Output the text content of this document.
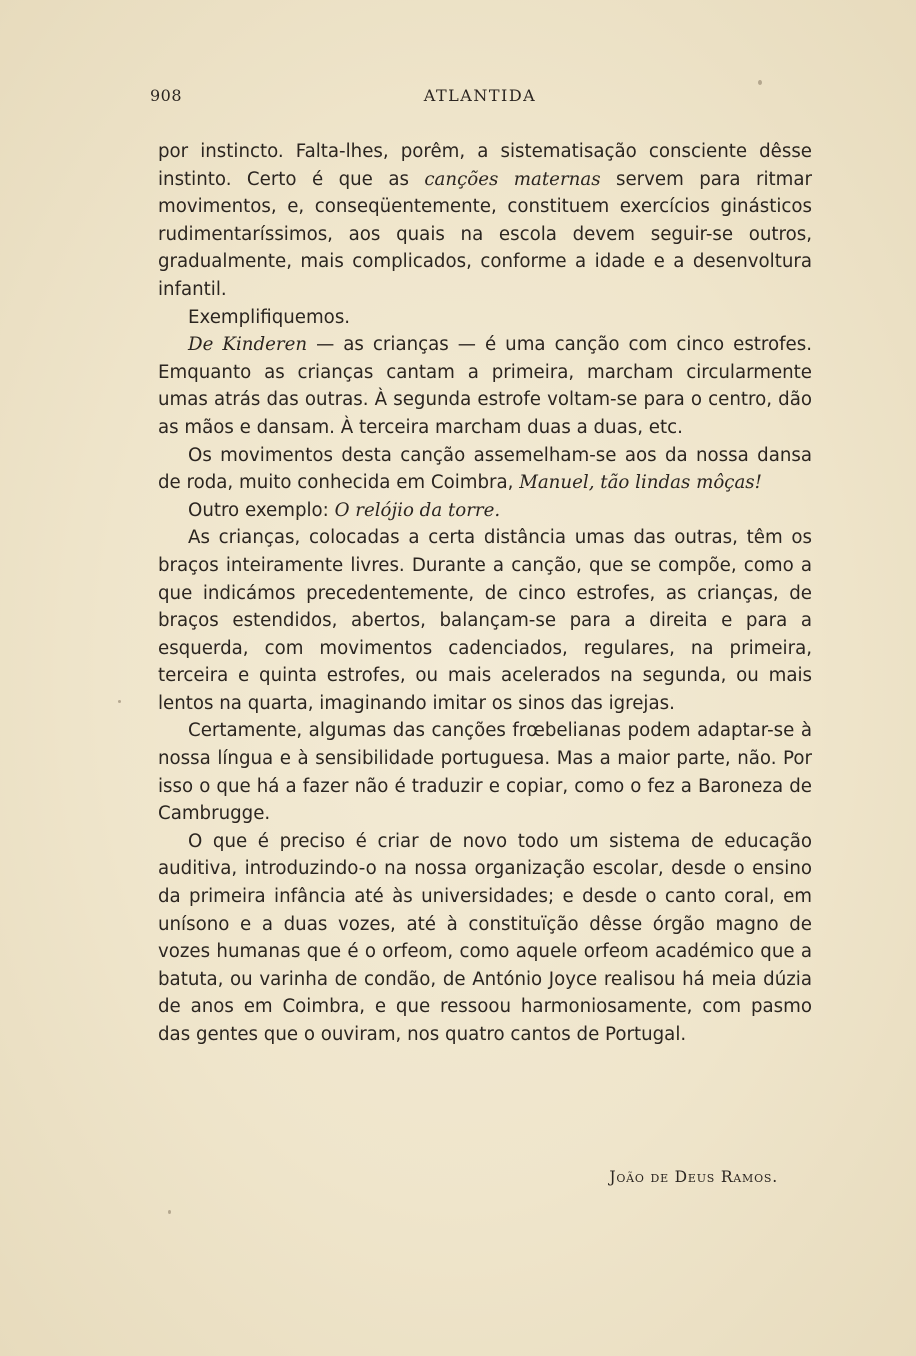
908	ATLANTIDA

por instincto. Falta-lhes, porêm, a sistematisação consciente dêsse instinto. Certo é que as canções maternas servem para ritmar movimentos, e, conseqüentemente, constituem exercícios ginásticos rudimentaríssimos, aos quais na escola devem seguir-se outros, gradualmente, mais complicados, conforme a idade e a desenvoltura infantil.

Exemplifiquemos.

De Kinderen — as crianças — é uma canção com cinco estrofes. Emquanto as crianças cantam a primeira, marcham circularmente umas atrás das outras. À segunda estrofe voltam-se para o centro, dão as mãos e dansam. À terceira marcham duas a duas, etc.

Os movimentos desta canção assemelham-se aos da nossa dansa de roda, muito conhecida em Coimbra, Manuel, tão lindas môças!

Outro exemplo: O relójio da torre.

As crianças, colocadas a certa distância umas das outras, têm os braços inteiramente livres. Durante a canção, que se compõe, como a que indicámos precedentemente, de cinco estrofes, as crianças, de braços estendidos, abertos, balançam-se para a direita e para a esquerda, com movimentos cadenciados, regulares, na primeira, terceira e quinta estrofes, ou mais acelerados na segunda, ou mais lentos na quarta, imaginando imitar os sinos das igrejas.

Certamente, algumas das canções frœbelianas podem adaptar-se à nossa língua e à sensibilidade portuguesa. Mas a maior parte, não. Por isso o que há a fazer não é traduzir e copiar, como o fez a Baroneza de Cambrugge.

O que é preciso é criar de novo todo um sistema de educação auditiva, introduzindo-o na nossa organização escolar, desde o ensino da primeira infância até às universidades; e desde o canto coral, em unísono e a duas vozes, até à constituïção dêsse órgão magno de vozes humanas que é o orfeom, como aquele orfeom académico que a batuta, ou varinha de condão, de António Joyce realisou há meia dúzia de anos em Coimbra, e que ressoou harmoniosamente, com pasmo das gentes que o ouviram, nos quatro cantos de Portugal.

João de Deus Ramos.
